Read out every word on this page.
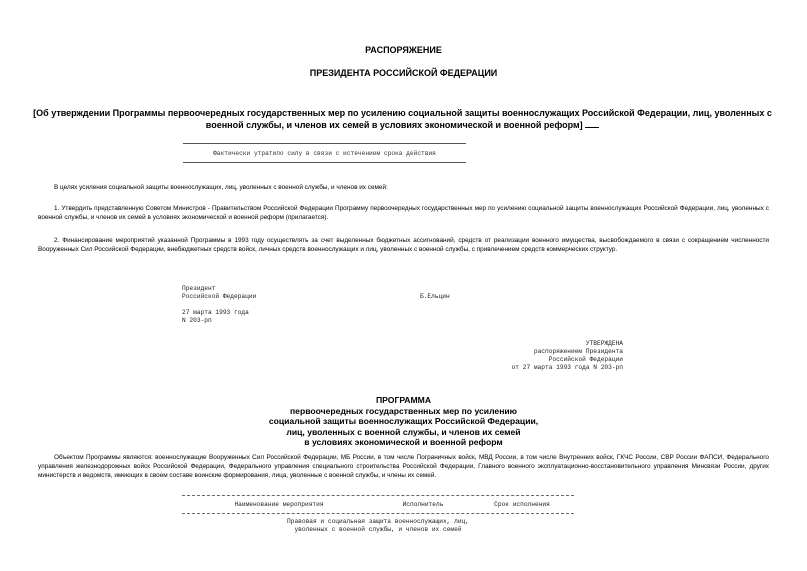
РАСПОРЯЖЕНИЕ
ПРЕЗИДЕНТА РОССИЙСКОЙ ФЕДЕРАЦИИ
[Об утверждении Программы первоочередных государственных мер по усилению социальной защиты военнослужащих Российской Федерации, лиц, уволенных с военной службы, и членов их семей в условиях экономической и военной реформ]
Фактически утратило силу в связи с истечением срока действия
В целях усиления социальной защиты военнослужащих, лиц, уволенных с военной службы, и членов их семей:
1. Утвердить представленную Советом Министров - Правительством Российской Федерации Программу первоочередных государственных мер по усилению социальной защиты военнослужащих Российской Федерации, лиц, уволенных с военной службы, и членов их семей в условиях экономической и военной реформ (прилагается).
2. Финансирование мероприятий указанной Программы в 1993 году осуществлять за счет выделенных бюджетных ассигнований, средств от реализации военного имущества, высвобождаемого в связи с сокращением численности Вооруженных Сил Российской Федерации, внебюджетных средств войск, личных средств военнослужащих и лиц, уволенных с военной службы, с привлечением средств коммерческих структур.
Президент
Российской Федерации	Б.Ельцин
27 марта 1993 года
N 203-рп
УТВЕРЖДЕНА
распоряжением Президента
Российской Федерации
от 27 марта 1993 года N 203-рп
ПРОГРАММА
первоочередных государственных мер по усилению
социальной защиты военнослужащих Российской Федерации,
лиц, уволенных с военной службы, и членов их семей
в условиях экономической и военной реформ
Объектом Программы являются: военнослужащие Вооруженных Сил Российской Федерации, МБ России, в том числе Пограничных войск, МВД России, в том числе Внутренних войск, ГКЧС России, СВР России ФАПСИ, Федерального управления железнодорожных войск Российской Федерации, Федерального управления специального строительства Российской Федерации, Главного военного эксплуатационно-восстановительного управления Минсвязи России, других министерств и ведомств, имеющих в своем составе воинские формирования, лица, уволенные с военной службы, и члены их семей.
Наименование мероприятия	Исполнитель	Срок исполнения
Правовая и социальная защита военнослужащих, лиц,
уволенных с военной службы, и членов их семей
